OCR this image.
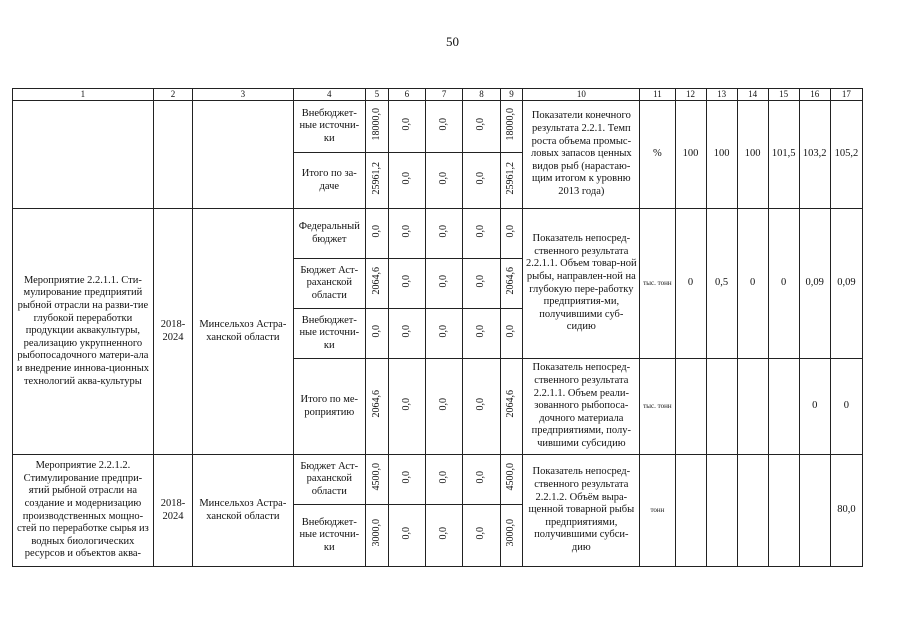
50
1	2	3	4	5	6	7	8	9	10	11	12	13	14	15	16	17
			Внебюджет-ные источни-ки	18000,0	0,0	0,0	0,0	18000,0	Показатели конечного результата 2.2.1. Темп роста объема промыс-ловых запасов ценных видов рыб (нарастаю-щим итогом к уровню 2013 года)	%	100	100	100	101,5	103,2	105,2
			Итого по за-даче	25961,2	0,0	0,0	0,0	25961,2								
Мероприятие 2.2.1.1. Сти-мулирование предприятий рыбной отрасли на разви-тие глубокой переработки продукции аквакультуры, реализацию укрупненного рыбопосадочного матери-ала и внедрение иннова-ционных технологий аква-культуры	2018-2024	Минсельхоз Астра-ханской области	Федеральный бюджет	0,0	0,0	0,0	0,0	0,0	Показатель непосред-ственного результата 2.2.1.1. Объем товар-ной рыбы, направлен-ной на глубокую пере-работку предприятия-ми, получившими суб-сидию	тыс. тонн	0	0,5	0	0	0,09	0,09
			Бюджет Аст-раханской области	2064,6	0,0	0,0	0,0	2064,6								
			Внебюджет-ные источни-ки	0,0	0,0	0,0	0,0	0,0								
			Итого по ме-роприятию	2064,6	0,0	0,0	0,0	2064,6	Показатель непосред-ственного результата 2.2.1.1. Объем реали-зованного рыбопоса-дочного материала предприятиями, полу-чившими субсидию	тыс. тонн					0	0
Мероприятие 2.2.1.2. Стимулирование предпри-ятий рыбной отрасли на создание и модернизацию производственных мощно-стей по переработке сырья из водных биологических ресурсов и объектов аква-	2018-2024	Минсельхоз Астра-ханской области	Бюджет Аст-раханской области	4500,0	0,0	0,0	0,0	4500,0	Показатель непосред-ственного результата 2.2.1.2. Объём выра-щенной товарной рыбы предприятиями, получившими субси-дию	тонн						80,0
			Внебюджет-ные источни-ки	3000,0	0,0	0,0	0,0	3000,0								
